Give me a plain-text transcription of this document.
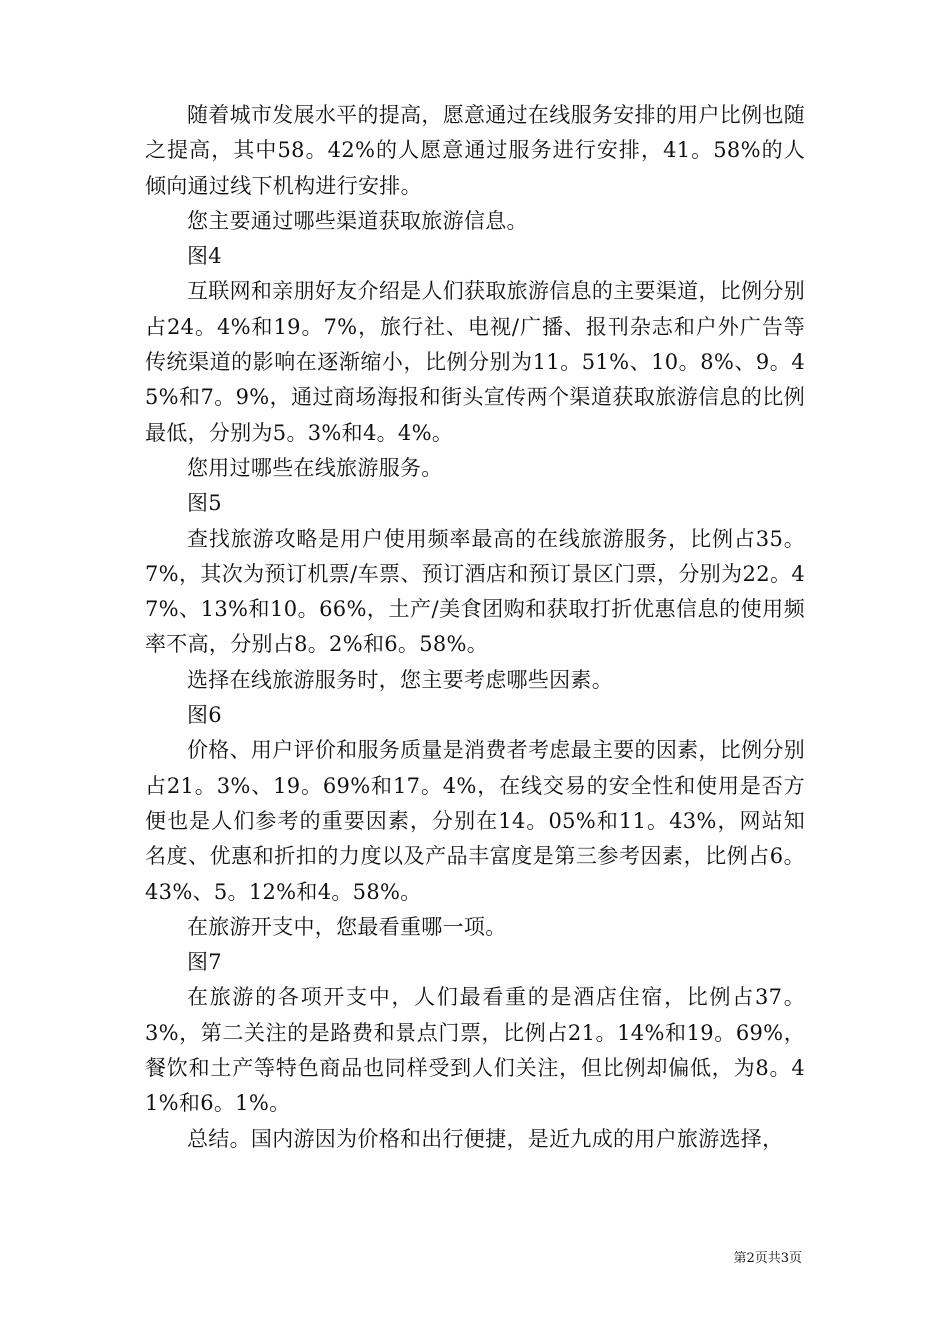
随着城市发展水平的提高，愿意通过在线服务安排的用户比例也随之提高，其中58。42%的人愿意通过服务进行安排，41。58%的人倾向通过线下机构进行安排。

您主要通过哪些渠道获取旅游信息。

图4

互联网和亲朋好友介绍是人们获取旅游信息的主要渠道，比例分别占24。4%和19。7%，旅行社、电视/广播、报刊杂志和户外广告等传统渠道的影响在逐渐缩小，比例分别为11。51%、10。8%、9。45%和7。9%，通过商场海报和街头宣传两个渠道获取旅游信息的比例最低，分别为5。3%和4。4%。

您用过哪些在线旅游服务。

图5

查找旅游攻略是用户使用频率最高的在线旅游服务，比例占35。7%，其次为预订机票/车票、预订酒店和预订景区门票，分别为22。47%、13%和10。66%，土产/美食团购和获取打折优惠信息的使用频率不高，分别占8。2%和6。58%。

选择在线旅游服务时，您主要考虑哪些因素。

图6

价格、用户评价和服务质量是消费者考虑最主要的因素，比例分别占21。3%、19。69%和17。4%，在线交易的安全性和使用是否方便也是人们参考的重要因素，分别在14。05%和11。43%，网站知名度、优惠和折扣的力度以及产品丰富度是第三参考因素，比例占6。43%、5。12%和4。58%。

在旅游开支中，您最看重哪一项。

图7

在旅游的各项开支中，人们最看重的是酒店住宿，比例占37。3%，第二关注的是路费和景点门票，比例占21。14%和19。69%，餐饮和土产等特色商品也同样受到人们关注，但比例却偏低，为8。41%和6。1%。

总结。国内游因为价格和出行便捷，是近九成的用户旅游选择，

第2页共3页
